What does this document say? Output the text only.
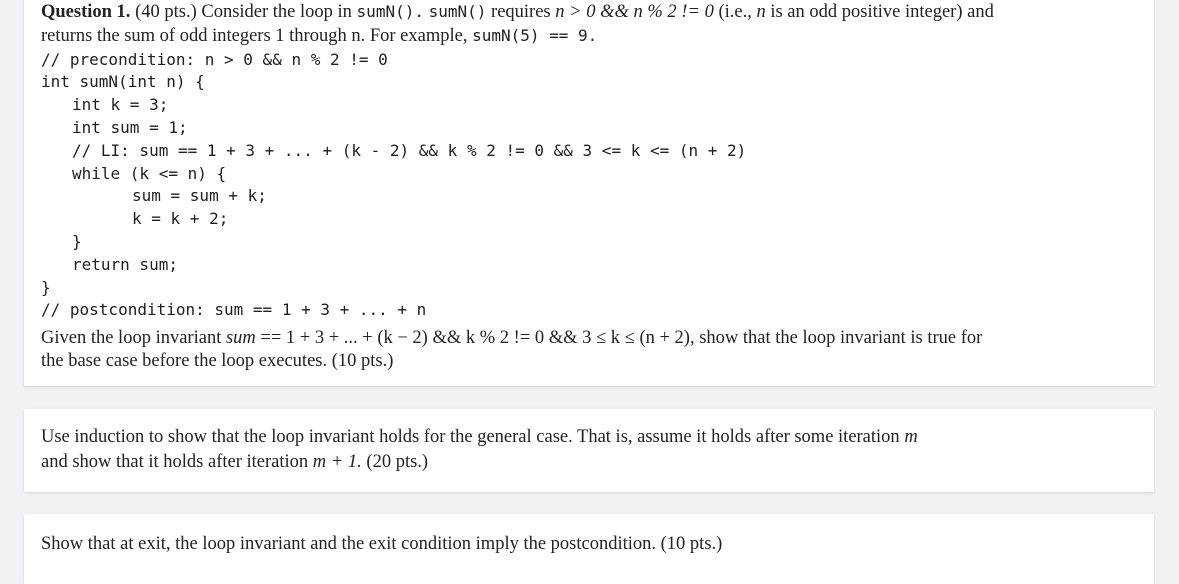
Question 1. (40 pts.) Consider the loop in sumN(). sumN() requires n > 0 && n % 2 != 0 (i.e., n is an odd positive integer) and
returns the sum of odd integers 1 through n. For example, sumN(5) == 9.
// precondition: n > 0 && n % 2 != 0
int sumN(int n) {
int k = 3;
int sum = 1;
// LI: sum == 1 + 3 + ... + (k - 2) && k % 2 != 0 && 3 <= k <= (n + 2)
while (k <= n) {
sum = sum + k;
k = k + 2;
}
return sum;
}
// postcondition: sum == 1 + 3 + ... + n
Given the loop invariant sum == 1 + 3 + ... + (k − 2) && k % 2 != 0 && 3 ≤ k ≤ (n + 2), show that the loop invariant is true for
the base case before the loop executes. (10 pts.)
Use induction to show that the loop invariant holds for the general case. That is, assume it holds after some iteration m
and show that it holds after iteration m + 1. (20 pts.)
Show that at exit, the loop invariant and the exit condition imply the postcondition. (10 pts.)
